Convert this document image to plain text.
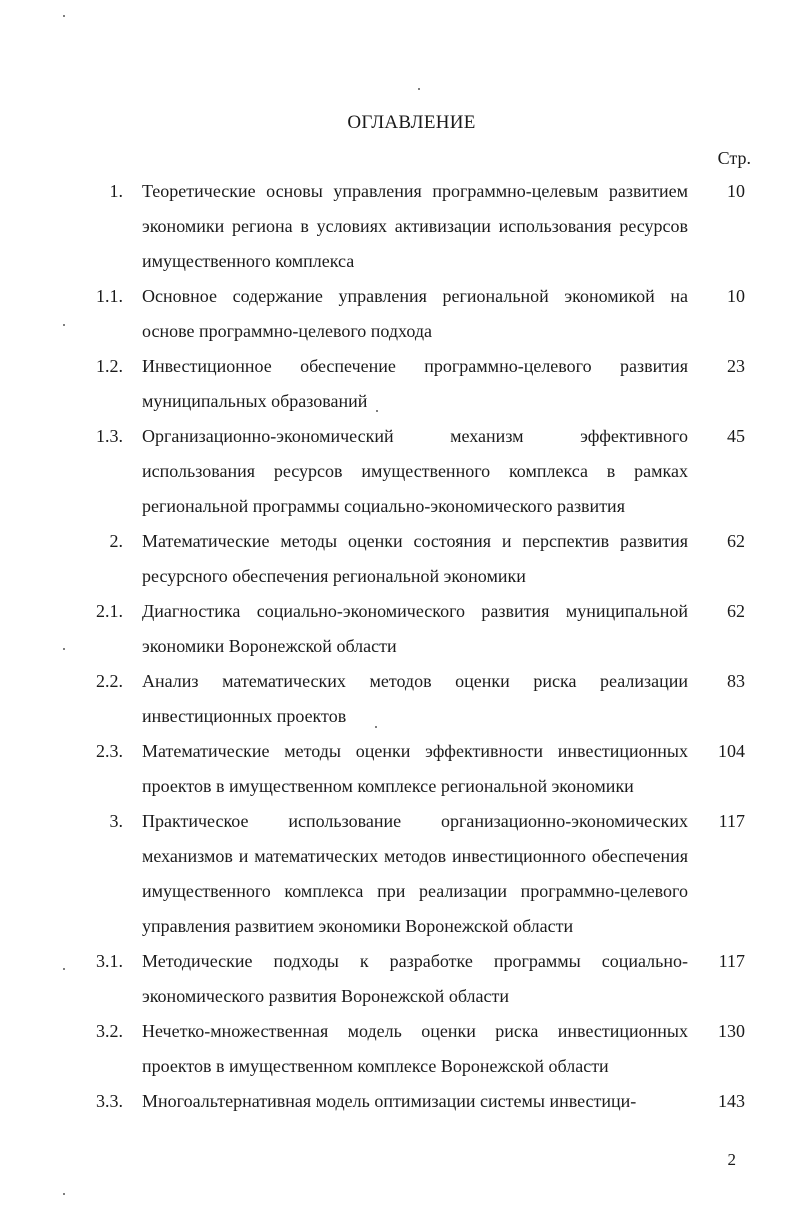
ОГЛАВЛЕНИЕ
Стр.
1. Теоретические основы управления программно-целевым развитием экономики региона в условиях активизации использования ресурсов имущественного комплекса
10
1.1. Основное содержание управления региональной экономикой на основе программно-целевого подхода
10
1.2. Инвестиционное обеспечение программно-целевого развития муниципальных образований
23
1.3. Организационно-экономический механизм эффективного использования ресурсов имущественного комплекса в рамках региональной программы социально-экономического развития
45
2. Математические методы оценки состояния и перспектив развития ресурсного обеспечения региональной экономики
62
2.1. Диагностика социально-экономического развития муниципальной экономики Воронежской области
62
2.2. Анализ математических методов оценки риска реализации инвестиционных проектов
83
2.3. Математические методы оценки эффективности инвестиционных проектов в имущественном комплексе региональной экономики
104
3. Практическое использование организационно-экономических механизмов и математических методов инвестиционного обеспечения имущественного комплекса при реализации программно-целевого управления развитием экономики Воронежской области
117
3.1. Методические подходы к разработке программы социально-экономического развития Воронежской области
117
3.2. Нечетко-множественная модель оценки риска инвестиционных проектов в имущественном комплексе Воронежской области
130
3.3. Многоальтернативная модель оптимизации системы инвестици-	143
2
